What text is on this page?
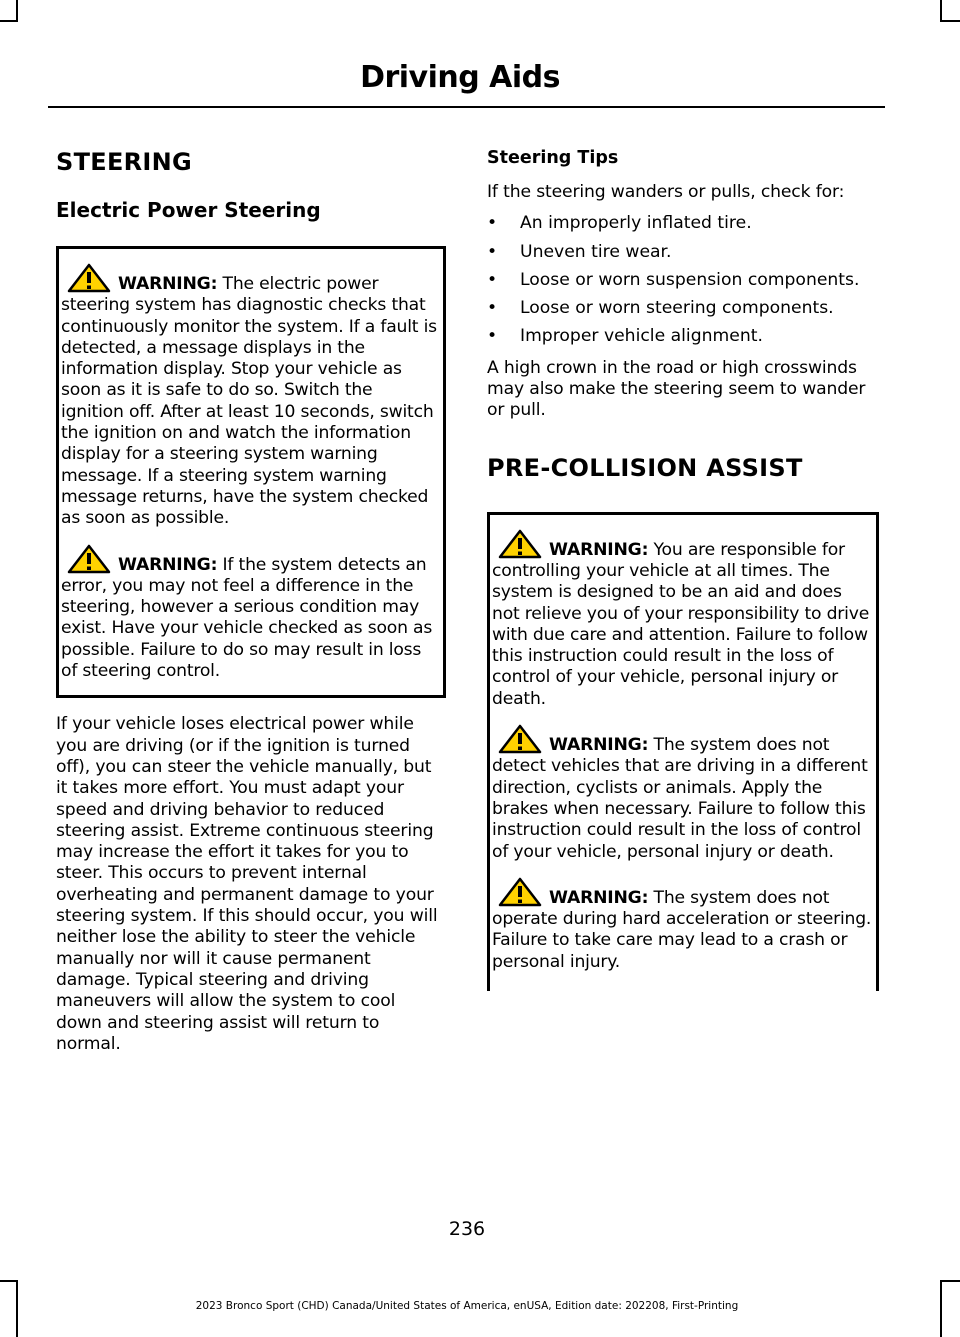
Driving Aids
STEERING
Electric Power Steering
WARNING: The electric power steering system has diagnostic checks that continuously monitor the system. If a fault is detected, a message displays in the information display. Stop your vehicle as soon as it is safe to do so. Switch the ignition off. After at least 10 seconds, switch the ignition on and watch the information display for a steering system warning message. If a steering system warning message returns, have the system checked as soon as possible.
WARNING: If the system detects an error, you may not feel a difference in the steering, however a serious condition may exist. Have your vehicle checked as soon as possible. Failure to do so may result in loss of steering control.

If your vehicle loses electrical power while you are driving (or if the ignition is turned off), you can steer the vehicle manually, but it takes more effort. You must adapt your speed and driving behavior to reduced steering assist. Extreme continuous steering may increase the effort it takes for you to steer. This occurs to prevent internal overheating and permanent damage to your steering system. If this should occur, you will neither lose the ability to steer the vehicle manually nor will it cause permanent damage. Typical steering and driving maneuvers will allow the system to cool down and steering assist will return to normal.

Steering Tips

If the steering wanders or pulls, check for:

• An improperly inflated tire.
• Uneven tire wear.
• Loose or worn suspension components.
• Loose or worn steering components.
• Improper vehicle alignment.

A high crown in the road or high crosswinds may also make the steering seem to wander or pull.

PRE-COLLISION ASSIST
WARNING: You are responsible for controlling your vehicle at all times. The system is designed to be an aid and does not relieve you of your responsibility to drive with due care and attention. Failure to follow this instruction could result in the loss of control of your vehicle, personal injury or death.
WARNING: The system does not detect vehicles that are driving in a different direction, cyclists or animals. Apply the brakes when necessary. Failure to follow this instruction could result in the loss of control of your vehicle, personal injury or death.
WARNING: The system does not operate during hard acceleration or steering. Failure to take care may lead to a crash or personal injury.
236
2023 Bronco Sport (CHD) Canada/United States of America, enUSA, Edition date: 202208, First-Printing
